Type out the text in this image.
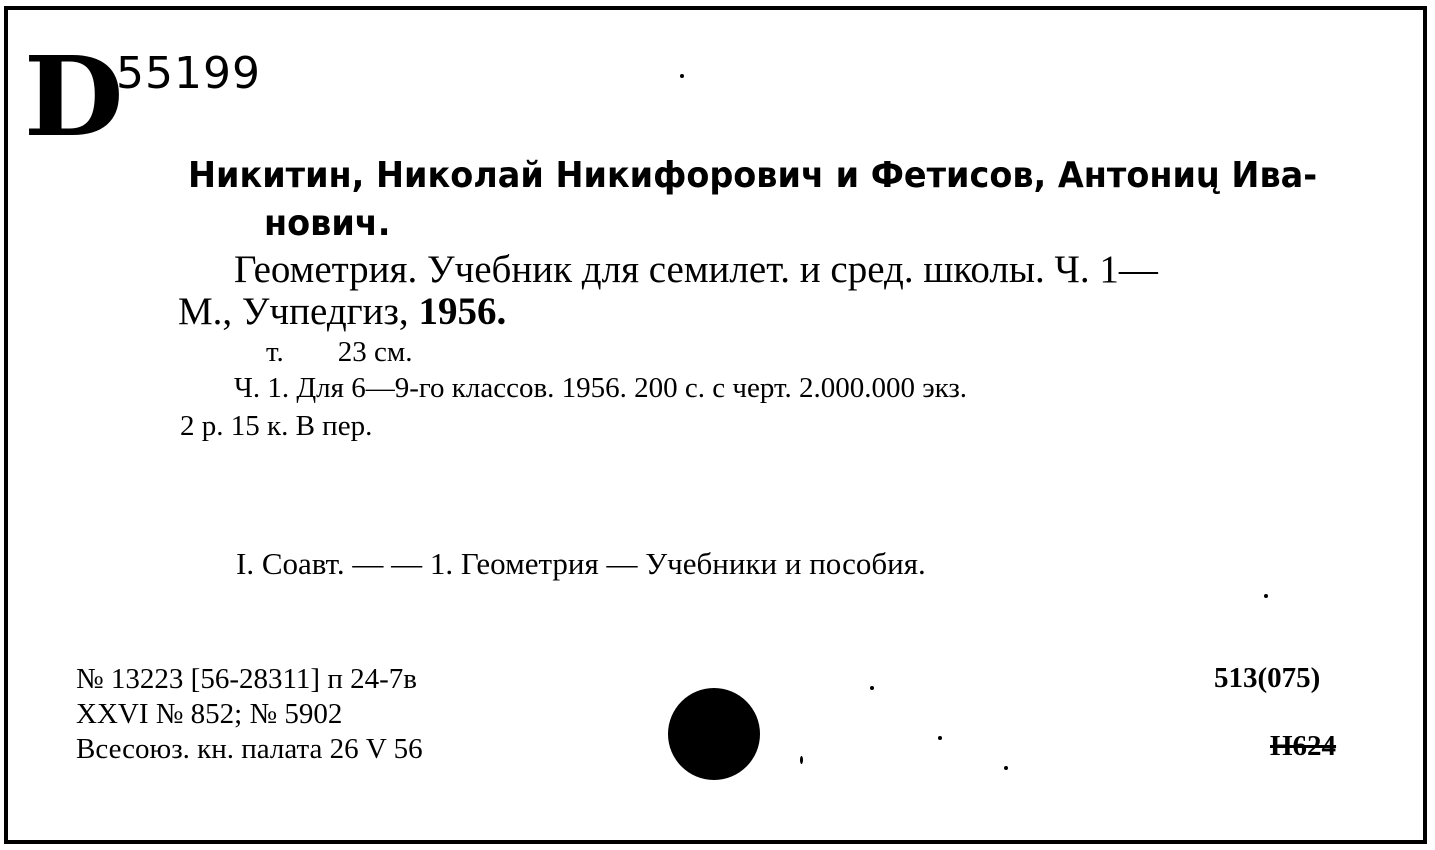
D
55199
Никитин, Николай Никифорович и Фетисов, Антониų Ива-
нович.
Геометрия. Учебник для семилет. и сред. школы. Ч. 1—
М., Учпедгиз, 1956.
т. 23 см.
Ч. 1. Для 6—9-го классов. 1956. 200 с. с черт. 2.000.000 экз.
2 р. 15 к. В пер.
I. Соавт. — — 1. Геометрия — Учебники и пособия.
№ 13223 [56-28311] п 24-7в
XXVI № 852; № 5902
Всесоюз. кн. палата 26 V 56
513(075)
H624
